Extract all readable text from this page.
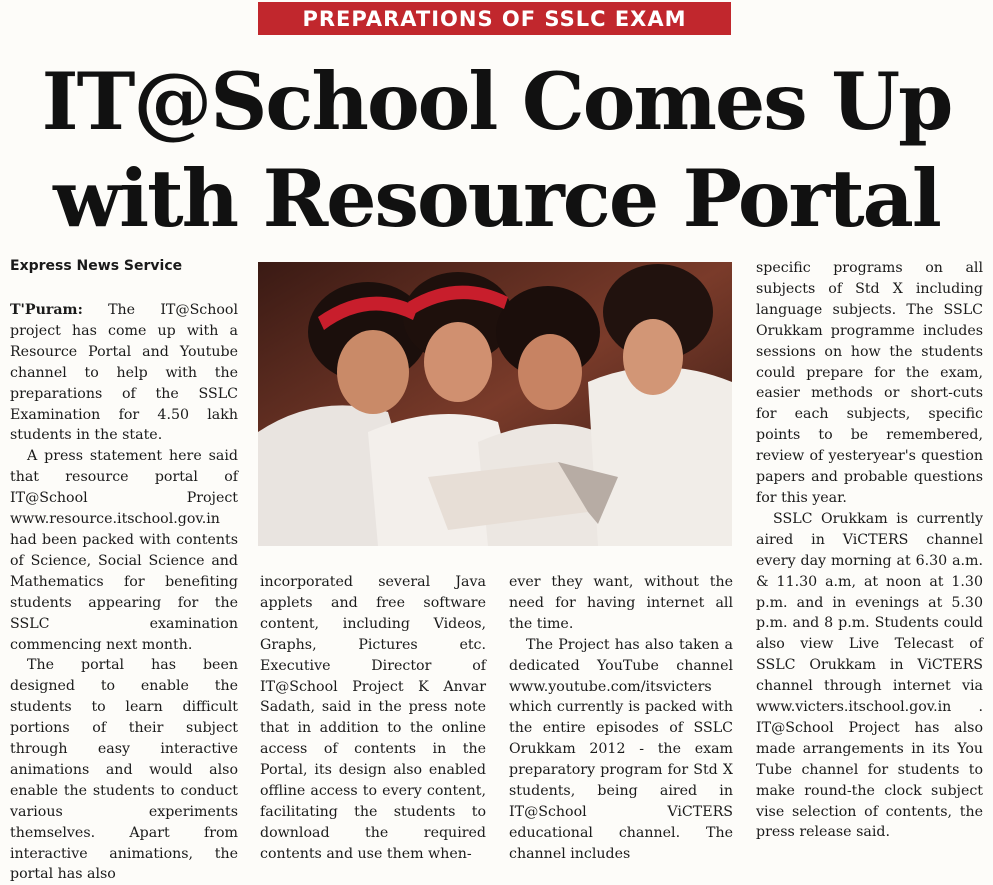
PREPARATIONS OF SSLC EXAM
IT@School Comes Up
with Resource Portal
Express News Service

T'Puram: The IT@School project has come up with a Resource Portal and Youtube channel to help with the preparations of the SSLC Examination for 4.50 lakh students in the state.

A press statement here said that resource portal of IT@School Project www.resource.itschool.gov.in had been packed with contents of Science, Social Science and Mathematics for benefiting students appearing for the SSLC examination commencing next month.

The portal has been designed to enable the students to learn difficult portions of their subject through easy interactive animations and would also enable the students to conduct various experiments themselves. Apart from interactive animations, the portal has also

incorporated several Java applets and free software content, including Videos, Graphs, Pictures etc. Executive Director of IT@School Project K Anvar Sadath, said in the press note that in addition to the online access of contents in the Portal, its design also enabled offline access to every content, facilitating the students to download the required contents and use them when-

ever they want, without the need for having internet all the time.

The Project has also taken a dedicated YouTube channel www.youtube.com/itsvicters which currently is packed with the entire episodes of SSLC Orukkam 2012 - the exam preparatory program for Std X students, being aired in IT@School ViCTERS educational channel. The channel includes

specific programs on all subjects of Std X including language subjects. The SSLC Orukkam programme includes sessions on how the students could prepare for the exam, easier methods or short-cuts for each subjects, specific points to be remembered, review of yesteryear's question papers and probable questions for this year.

SSLC Orukkam is currently aired in ViCTERS channel every day morning at 6.30 a.m. & 11.30 a.m, at noon at 1.30 p.m. and in evenings at 5.30 p.m. and 8 p.m. Students could also view Live Telecast of SSLC Orukkam in ViCTERS channel through internet via www.victers.itschool.gov.in . IT@School Project has also made arrangements in its You Tube channel for students to make round-the clock subject vise selection of contents, the press release said.
